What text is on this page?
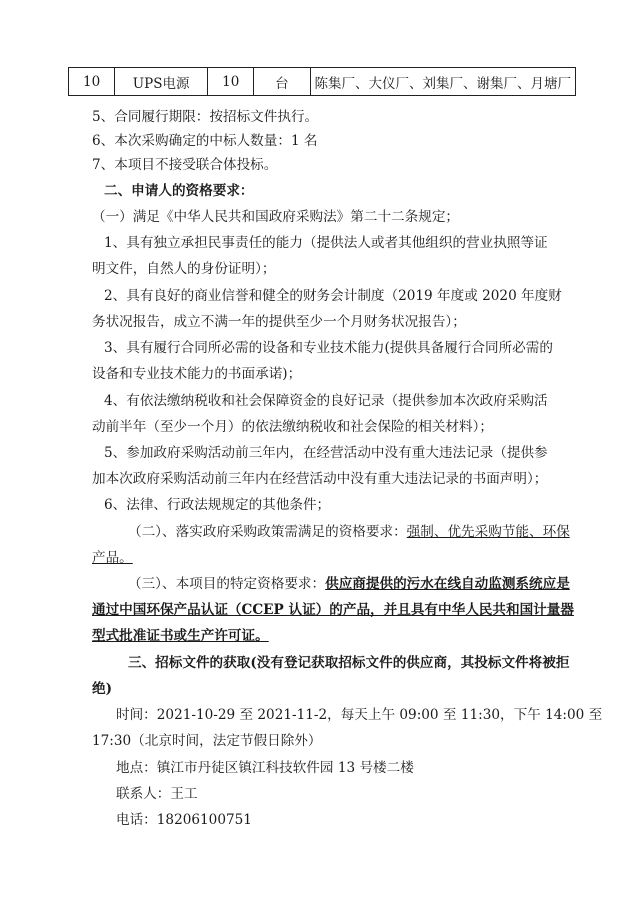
10	UPS电源	10	台	陈集厂、大仪厂、刘集厂、谢集厂、月塘厂
5、合同履行期限：按招标文件执行。
6、本次采购确定的中标人数量：1 名
7、本项目不接受联合体投标。
二、申请人的资格要求：
（一）满足《中华人民共和国政府采购法》第二十二条规定；
1、具有独立承担民事责任的能力（提供法人或者其他组织的营业执照等证
明文件，自然人的身份证明）；
2、具有良好的商业信誉和健全的财务会计制度（2019 年度或 2020 年度财
务状况报告，成立不满一年的提供至少一个月财务状况报告）；
3、具有履行合同所必需的设备和专业技术能力(提供具备履行合同所必需的
设备和专业技术能力的书面承诺)；
4、有依法缴纳税收和社会保障资金的良好记录（提供参加本次政府采购活
动前半年（至少一个月）的依法缴纳税收和社会保险的相关材料）；
5、参加政府采购活动前三年内，在经营活动中没有重大违法记录（提供参
加本次政府采购活动前三年内在经营活动中没有重大违法记录的书面声明）；
6、法律、行政法规规定的其他条件；
（二）、落实政府采购政策需满足的资格要求：强制、优先采购节能、环保
产品。
（三）、本项目的特定资格要求：供应商提供的污水在线自动监测系统应是
通过中国环保产品认证（CCEP 认证）的产品，并且具有中华人民共和国计量器
型式批准证书或生产许可证。
三、招标文件的获取(没有登记获取招标文件的供应商，其投标文件将被拒
绝)
时间：2021-10-29 至 2021-11-2，每天上午 09:00 至 11:30，下午 14:00 至
17:30（北京时间，法定节假日除外）
地点：镇江市丹徒区镇江科技软件园 13 号楼二楼
联系人：王工
电话：18206100751
